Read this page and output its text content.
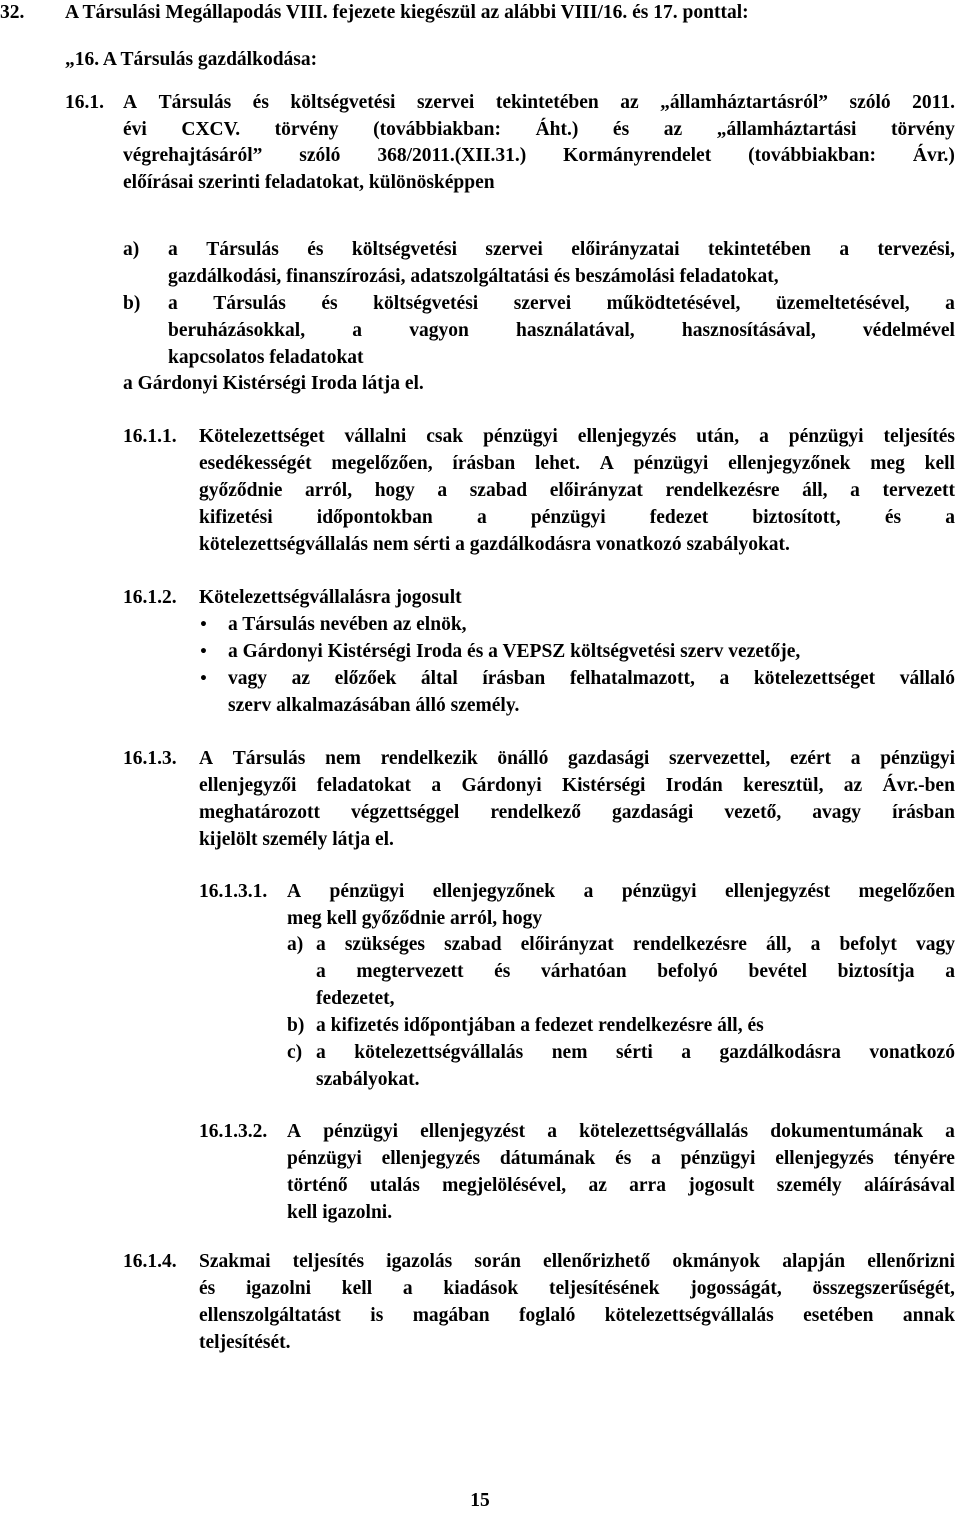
32. A Társulási Megállapodás VIII. fejezete kiegészül az alábbi VIII/16. és 17. ponttal:
„16. A Társulás gazdálkodása:
16.1. A Társulás és költségvetési szervei tekintetében az „államháztartásról” szóló 2011.
évi CXCV. törvény (továbbiakban: Áht.) és az „államháztartási törvény
végrehajtásáról” szóló 368/2011.(XII.31.) Kormányrendelet (továbbiakban: Ávr.)
előírásai szerinti feladatokat, különösképpen
a) a Társulás és költségvetési szervei előirányzatai tekintetében a tervezési,
gazdálkodási, finanszírozási, adatszolgáltatási és beszámolási feladatokat,
b) a Társulás és költségvetési szervei működtetésével, üzemeltetésével, a
beruházásokkal, a vagyon használatával, hasznosításával, védelmével
kapcsolatos feladatokat
a Gárdonyi Kistérségi Iroda látja el.
16.1.1. Kötelezettséget vállalni csak pénzügyi ellenjegyzés után, a pénzügyi teljesítés
esedékességét megelőzően, írásban lehet. A pénzügyi ellenjegyzőnek meg kell
győződnie arról, hogy a szabad előirányzat rendelkezésre áll, a tervezett
kifizetési időpontokban a pénzügyi fedezet biztosított, és a
kötelezettségvállalás nem sérti a gazdálkodásra vonatkozó szabályokat.
16.1.2. Kötelezettségvállalásra jogosult
• a Társulás nevében az elnök,
• a Gárdonyi Kistérségi Iroda és a VEPSZ költségvetési szerv vezetője,
• vagy az előzőek által írásban felhatalmazott, a kötelezettséget vállaló
szerv alkalmazásában álló személy.
16.1.3. A Társulás nem rendelkezik önálló gazdasági szervezettel, ezért a pénzügyi
ellenjegyzői feladatokat a Gárdonyi Kistérségi Irodán keresztül, az Ávr.-ben
meghatározott végzettséggel rendelkező gazdasági vezető, avagy írásban
kijelölt személy látja el.
16.1.3.1. A pénzügyi ellenjegyzőnek a pénzügyi ellenjegyzést megelőzően
meg kell győződnie arról, hogy
a) a szükséges szabad előirányzat rendelkezésre áll, a befolyt vagy
a megtervezett és várhatóan befolyó bevétel biztosítja a
fedezetet,
b) a kifizetés időpontjában a fedezet rendelkezésre áll, és
c) a kötelezettségvállalás nem sérti a gazdálkodásra vonatkozó
szabályokat.
16.1.3.2. A pénzügyi ellenjegyzést a kötelezettségvállalás dokumentumának a
pénzügyi ellenjegyzés dátumának és a pénzügyi ellenjegyzés tényére
történő utalás megjelölésével, az arra jogosult személy aláírásával
kell igazolni.
16.1.4. Szakmai teljesítés igazolás során ellenőrizhető okmányok alapján ellenőrizni
és igazolni kell a kiadások teljesítésének jogosságát, összegszerűségét,
ellenszolgáltatást is magában foglaló kötelezettségvállalás esetében annak
teljesítését.
15
